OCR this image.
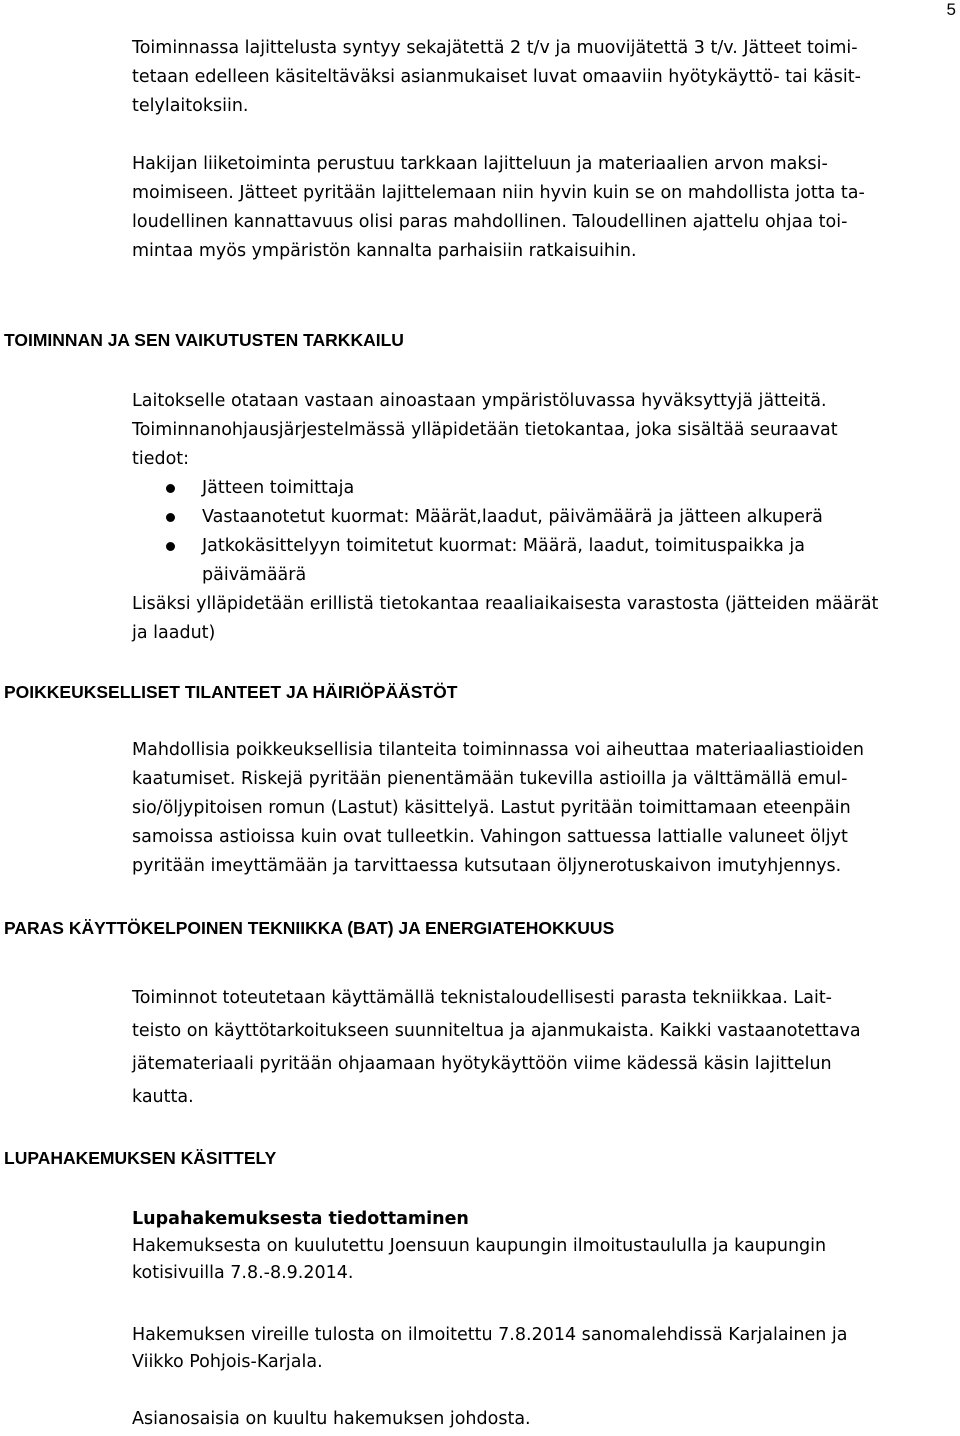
5
Toiminnassa lajittelusta syntyy sekajätettä 2 t/v ja muovijätettä 3 t/v. Jätteet toimi-
tetaan edelleen käsiteltäväksi asianmukaiset luvat omaaviin hyötykäyttö- tai käsit-
telylaitoksiin.
Hakijan liiketoiminta perustuu tarkkaan lajitteluun ja materiaalien arvon maksi-
moimiseen. Jätteet pyritään lajittelemaan niin hyvin kuin se on mahdollista jotta ta-
loudellinen kannattavuus olisi paras mahdollinen. Taloudellinen ajattelu ohjaa toi-
mintaa myös ympäristön kannalta parhaisiin ratkaisuihin.
TOIMINNAN JA SEN VAIKUTUSTEN TARKKAILU
Laitokselle otataan vastaan ainoastaan ympäristöluvassa hyväksyttyjä jätteitä.
Toiminnanohjausjärjestelmässä ylläpidetään tietokantaa, joka sisältää seuraavat
tiedot:
Jätteen toimittaja
Vastaanotetut kuormat: Määrät,laadut, päivämäärä ja jätteen alkuperä
Jatkokäsittelyyn toimitetut kuormat: Määrä, laadut, toimituspaikka ja
päivämäärä
Lisäksi ylläpidetään erillistä tietokantaa reaaliaikaisesta varastosta (jätteiden määrät
ja laadut)
POIKKEUKSELLISET TILANTEET JA HÄIRIÖPÄÄSTÖT
Mahdollisia poikkeuksellisia tilanteita toiminnassa voi aiheuttaa materiaaliastioiden
kaatumiset. Riskejä pyritään pienentämään tukevilla astioilla ja välttämällä emul-
sio/öljypitoisen romun (Lastut) käsittelyä. Lastut pyritään toimittamaan eteenpäin
samoissa astioissa kuin ovat tulleetkin. Vahingon sattuessa lattialle valuneet öljyt
pyritään imeyttämään ja tarvittaessa kutsutaan öljynerotuskaivon imutyhjennys.
PARAS KÄYTTÖKELPOINEN TEKNIIKKA (BAT) JA ENERGIATEHOKKUUS
Toiminnot toteutetaan käyttämällä teknistaloudellisesti parasta tekniikkaa. Lait-
teisto on käyttötarkoitukseen suunniteltua ja ajanmukaista. Kaikki vastaanotettava
jätemateriaali pyritään ohjaamaan hyötykäyttöön viime kädessä käsin lajittelun
kautta.
LUPAHAKEMUKSEN KÄSITTELY
Lupahakemuksesta tiedottaminen
Hakemuksesta on kuulutettu Joensuun kaupungin ilmoitustaululla ja kaupungin
kotisivuilla 7.8.-8.9.2014.
Hakemuksen vireille tulosta on ilmoitettu 7.8.2014 sanomalehdissä Karjalainen ja
Viikko Pohjois-Karjala.
Asianosaisia on kuultu hakemuksen johdosta.
